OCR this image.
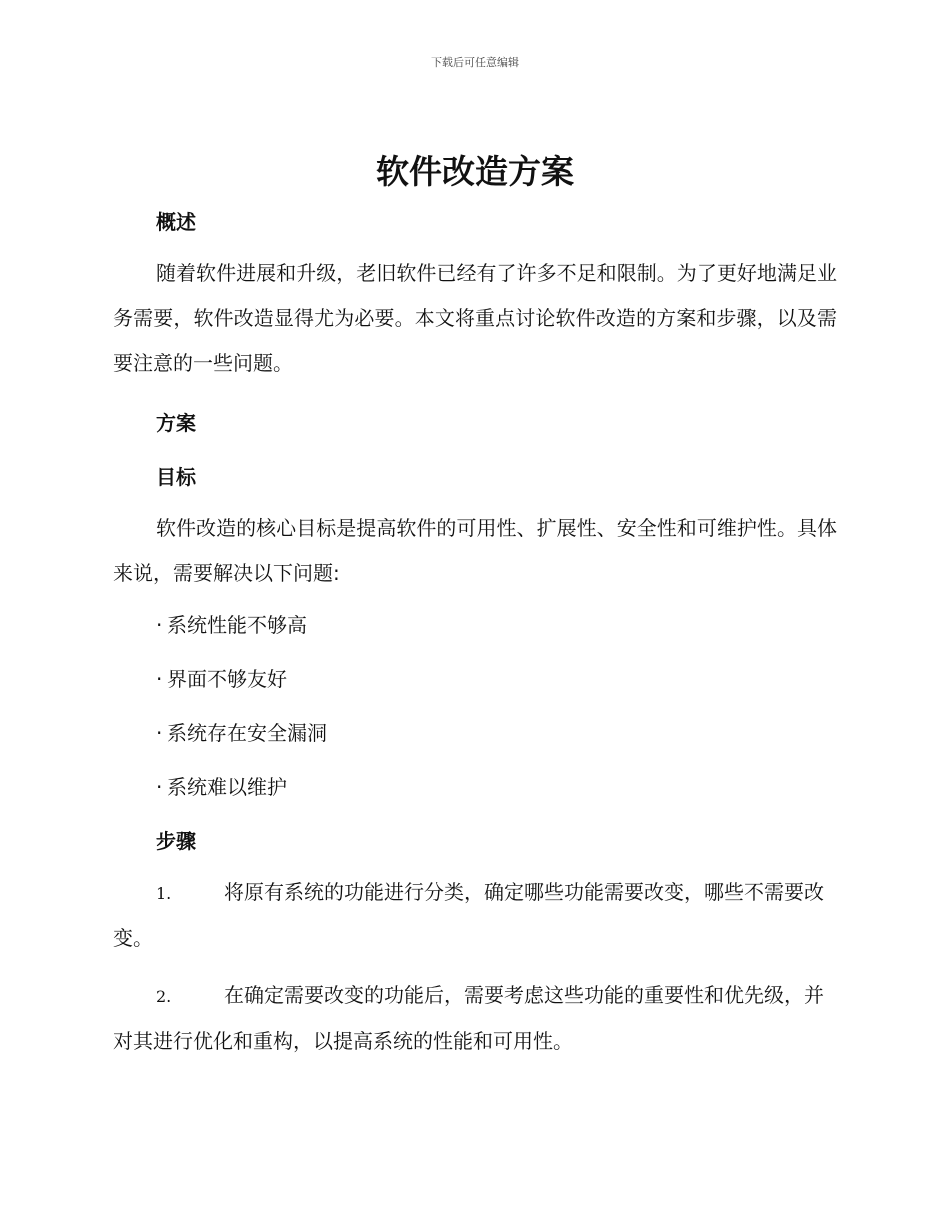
下载后可任意编辑
软件改造方案
概述

随着软件进展和升级，老旧软件已经有了许多不足和限制。为了更好地满足业务需要，软件改造显得尤为必要。本文将重点讨论软件改造的方案和步骤，以及需要注意的一些问题。

方案
目标

软件改造的核心目标是提高软件的可用性、扩展性、安全性和可维护性。具体来说，需要解决以下问题:

· 系统性能不够高
· 界面不够友好
· 系统存在安全漏洞
· 系统难以维护
步骤

1.	将原有系统的功能进行分类，确定哪些功能需要改变，哪些不需要改变。

2.	在确定需要改变的功能后，需要考虑这些功能的重要性和优先级，并对其进行优化和重构，以提高系统的性能和可用性。
